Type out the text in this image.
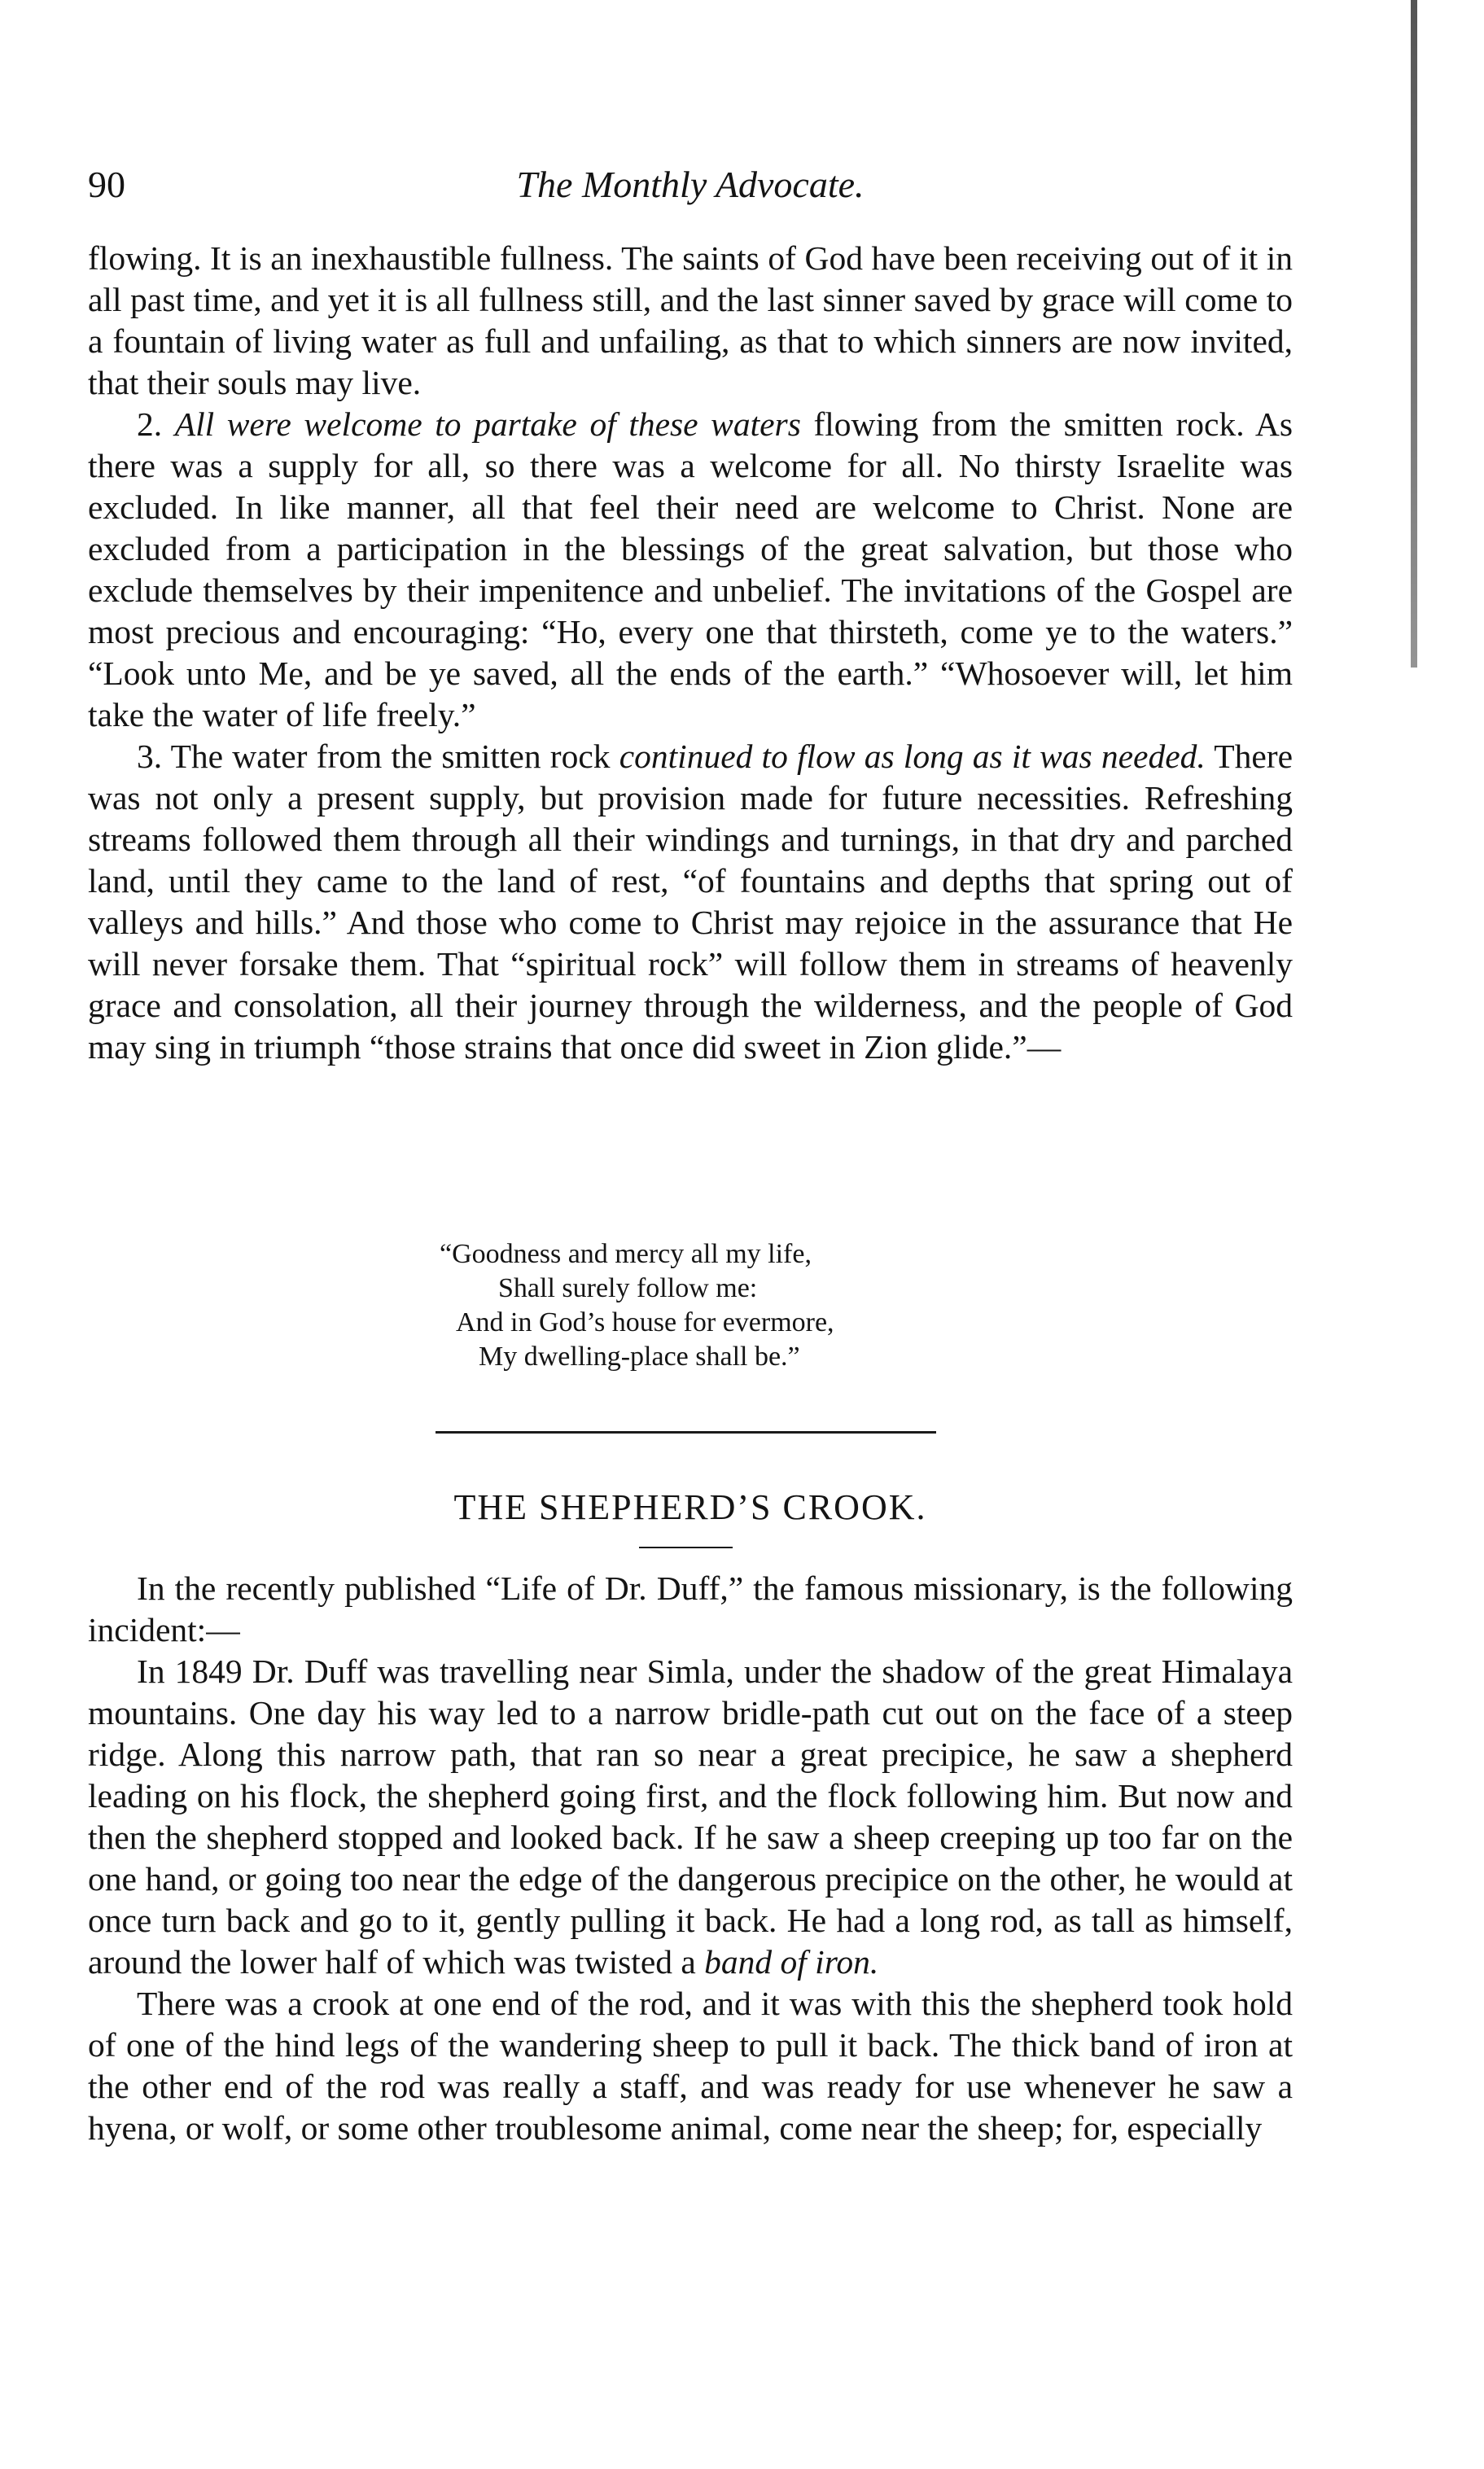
90	The Monthly Advocate.

flowing. It is an inexhaustible fullness. The saints of God have been receiving out of it in all past time, and yet it is all fullness still, and the last sinner saved by grace will come to a fountain of living water as full and unfailing, as that to which sinners are now invited, that their souls may live.

2. All were welcome to partake of these waters flowing from the smitten rock. As there was a supply for all, so there was a welcome for all. No thirsty Israelite was excluded. In like manner, all that feel their need are welcome to Christ. None are excluded from a participation in the blessings of the great salvation, but those who exclude themselves by their impenitence and unbelief. The invitations of the Gospel are most precious and encouraging: “Ho, every one that thirsteth, come ye to the waters.” “Look unto Me, and be ye saved, all the ends of the earth.” “Whosoever will, let him take the water of life freely.”

3. The water from the smitten rock continued to flow as long as it was needed. There was not only a present supply, but provision made for future necessities. Refreshing streams followed them through all their windings and turnings, in that dry and parched land, until they came to the land of rest, “of fountains and depths that spring out of valleys and hills.” And those who come to Christ may rejoice in the assurance that He will never forsake them. That “spiritual rock” will follow them in streams of heavenly grace and consolation, all their journey through the wilderness, and the people of God may sing in triumph “those strains that once did sweet in Zion glide.”—

“Goodness and mercy all my life,
Shall surely follow me:
And in God’s house for evermore,
My dwelling-place shall be.”
THE SHEPHERD’S CROOK.

In the recently published “Life of Dr. Duff,” the famous missionary, is the following incident:—

In 1849 Dr. Duff was travelling near Simla, under the shadow of the great Himalaya mountains. One day his way led to a narrow bridle-path cut out on the face of a steep ridge. Along this narrow path, that ran so near a great precipice, he saw a shepherd leading on his flock, the shepherd going first, and the flock following him. But now and then the shepherd stopped and looked back. If he saw a sheep creeping up too far on the one hand, or going too near the edge of the dangerous precipice on the other, he would at once turn back and go to it, gently pulling it back. He had a long rod, as tall as himself, around the lower half of which was twisted a band of iron.

There was a crook at one end of the rod, and it was with this the shepherd took hold of one of the hind legs of the wandering sheep to pull it back. The thick band of iron at the other end of the rod was really a staff, and was ready for use whenever he saw a hyena, or wolf, or some other troublesome animal, come near the sheep; for, especially
